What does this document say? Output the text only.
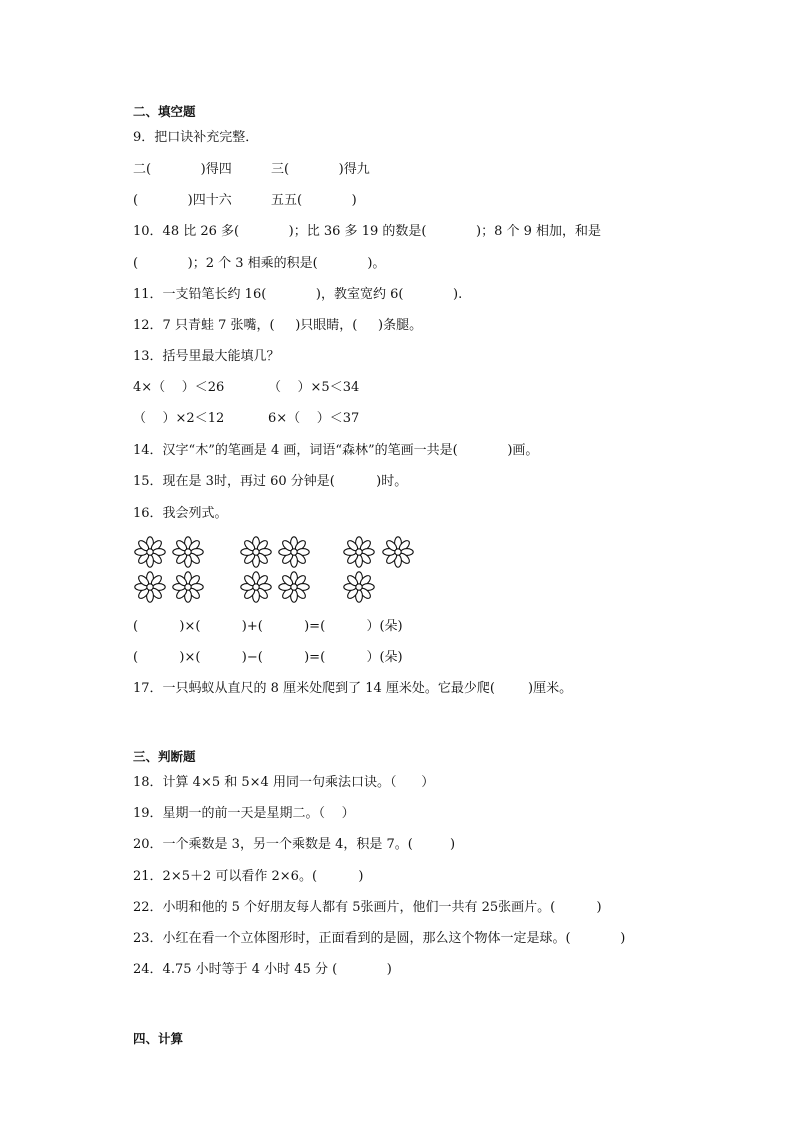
二、填空题
9．把口诀补充完整．
二(            )得四	三(            )得九
(            )四十六	五五(            )
10．48 比 26 多(            )；比 36 多 19 的数是(            )；8 个 9 相加，和是
(            )；2 个 3 相乘的积是(            )。
11．一支铅笔长约 16(            )，教室宽约 6(            ).
12．7 只青蛙 7 张嘴，(     )只眼睛，(     )条腿。
13．括号里最大能填几？
4×（    ）＜26	（    ）×5＜34
（    ）×2＜12	6×（    ）＜37
14．汉字“木”的笔画是 4 画，词语“森林”的笔画一共是(            )画。
15．现在是 3时，再过 60 分钟是(          )时。
16．我会列式。
(          )×(          )+(          )=(          ）(朵)
(          )×(          )−(          )=(          ）(朵)
17．一只蚂蚁从直尺的 8 厘米处爬到了 14 厘米处。它最少爬(        )厘米。
三、判断题
18．计算 4×5 和 5×4 用同一句乘法口诀。（      ）
19．星期一的前一天是星期二。（    ）
20．一个乘数是 3，另一个乘数是 4，积是 7。(         )
21．2×5＋2 可以看作 2×6。(          )
22．小明和他的 5 个好朋友每人都有 5张画片，他们一共有 25张画片。(          )
23．小红在看一个立体图形时，正面看到的是圆，那么这个物体一定是球。(            )
24．4.75 小时等于 4 小时 45 分 (            )
四、计算
